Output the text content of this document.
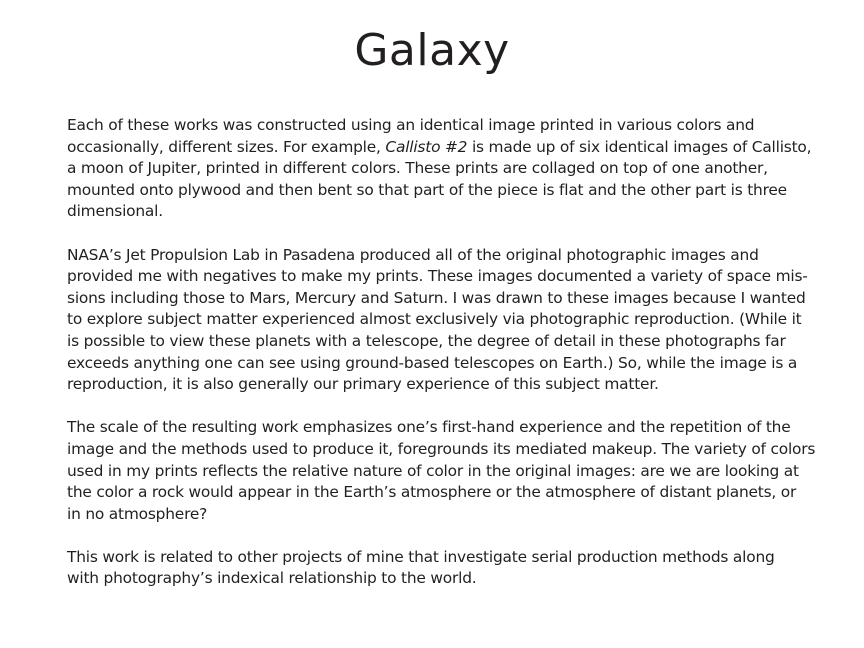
Galaxy

Each of these works was constructed using an identical image printed in various colors and
occasionally, different sizes. For example, Callisto #2 is made up of six identical images of Callisto,
a moon of Jupiter, printed in different colors. These prints are collaged on top of one another,
mounted onto plywood and then bent so that part of the piece is flat and the other part is three
dimensional.

NASA’s Jet Propulsion Lab in Pasadena produced all of the original photographic images and
provided me with negatives to make my prints. These images documented a variety of space mis-
sions including those to Mars, Mercury and Saturn. I was drawn to these images because I wanted
to explore subject matter experienced almost exclusively via photographic reproduction. (While it
is possible to view these planets with a telescope, the degree of detail in these photographs far
exceeds anything one can see using ground-based telescopes on Earth.) So, while the image is a
reproduction, it is also generally our primary experience of this subject matter.

The scale of the resulting work emphasizes one’s first-hand experience and the repetition of the
image and the methods used to produce it, foregrounds its mediated makeup. The variety of colors
used in my prints reflects the relative nature of color in the original images: are we are looking at
the color a rock would appear in the Earth’s atmosphere or the atmosphere of distant planets, or
in no atmosphere?

This work is related to other projects of mine that investigate serial production methods along
with photography’s indexical relationship to the world.
